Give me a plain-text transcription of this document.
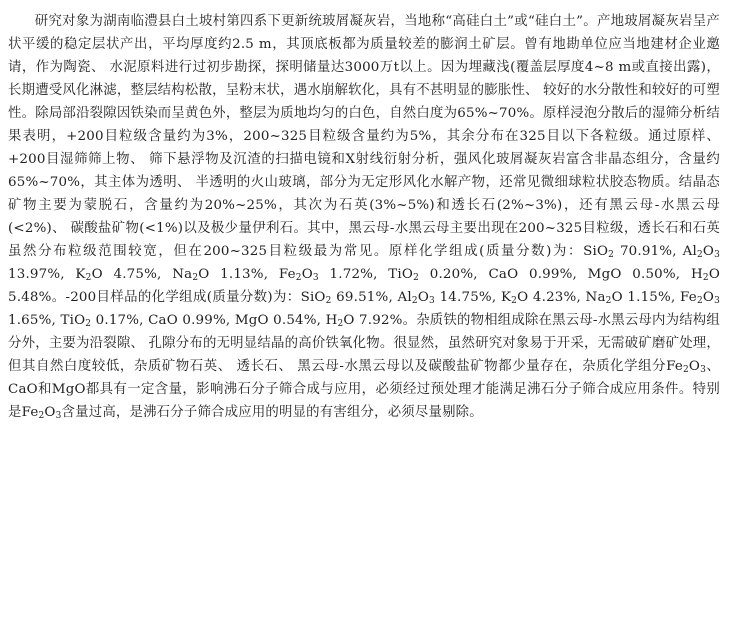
研究对象为湖南临澧县白土坡村第四系下更新统玻屑凝灰岩，当地称“高硅白土”或“硅白土”。产地玻屑凝灰岩呈产状平缓的稳定层状产出，平均厚度约2.5 m，其顶底板都为质量较差的膨润土矿层。曾有地勘单位应当地建材企业邀请，作为陶瓷、 水泥原料进行过初步勘探，探明储量达3000万t以上。因为埋藏浅(覆盖层厚度4~8 m或直接出露)，长期遭受风化淋滤，整层结构松散，呈粉末状，遇水崩解软化，具有不甚明显的膨胀性、 较好的水分散性和较好的可塑性。除局部沿裂隙因铁染而呈黄色外，整层为质地均匀的白色，自然白度为65%~70%。原样浸泡分散后的湿筛分析结果表明，+200目粒级含量约为3%，200~325目粒级含量约为5%，其余分布在325目以下各粒级。通过原样、 +200目湿筛筛上物、 筛下悬浮物及沉渣的扫描电镜和X射线衍射分析，强风化玻屑凝灰岩富含非晶态组分，含量约65%~70%，其主体为透明、 半透明的火山玻璃，部分为无定形风化水解产物，还常见微细球粒状胶态物质。结晶态矿物主要为蒙脱石，含量约为20%~25%，其次为石英(3%~5%)和透长石(2%~3%)，还有黑云母-水黑云母(<2%)、 碳酸盐矿物(<1%)以及极少量伊利石。其中，黑云母-水黑云母主要出现在200~325目粒级，透长石和石英虽然分布粒级范围较宽，但在200~325目粒级最为常见。原样化学组成(质量分数)为：SiO$_2$ 70.91%, $Al_2O_3$ 13.97%, $K_2O$ 4.75%, $Na_2O$ 1.13%, $Fe_2O_3$ 1.72%, TiO$_2$ 0.20%, CaO 0.99%, MgO 0.50%, $H_2O$ 5.48%。-200目样品的化学组成(质量分数)为：SiO$_2$ 69.51%, $Al_2O_3$ 14.75%, $K_2O$ 4.23%, $Na_2O$ 1.15%, $Fe_2O_3$ 1.65%, TiO$_2$ 0.17%, CaO 0.99%, MgO 0.54%, $H_2O$ 7.92%。杂质铁的物相组成除在黑云母-水黑云母内为结构组分外，主要为沿裂隙、 孔隙分布的无明显结晶的高价铁氧化物。很显然，虽然研究对象易于开采，无需破矿磨矿处理，但其自然白度较低，杂质矿物石英、 透长石、 黑云母-水黑云母以及碳酸盐矿物都少量存在，杂质化学组分$Fe_2O_3$、 CaO和MgO都具有一定含量，影响沸石分子筛合成与应用，必须经过预处理才能满足沸石分子筛合成应用条件。特别是$Fe_2O_3$含量过高，是沸石分子筛合成应用的明显的有害组分，必须尽量剔除。
